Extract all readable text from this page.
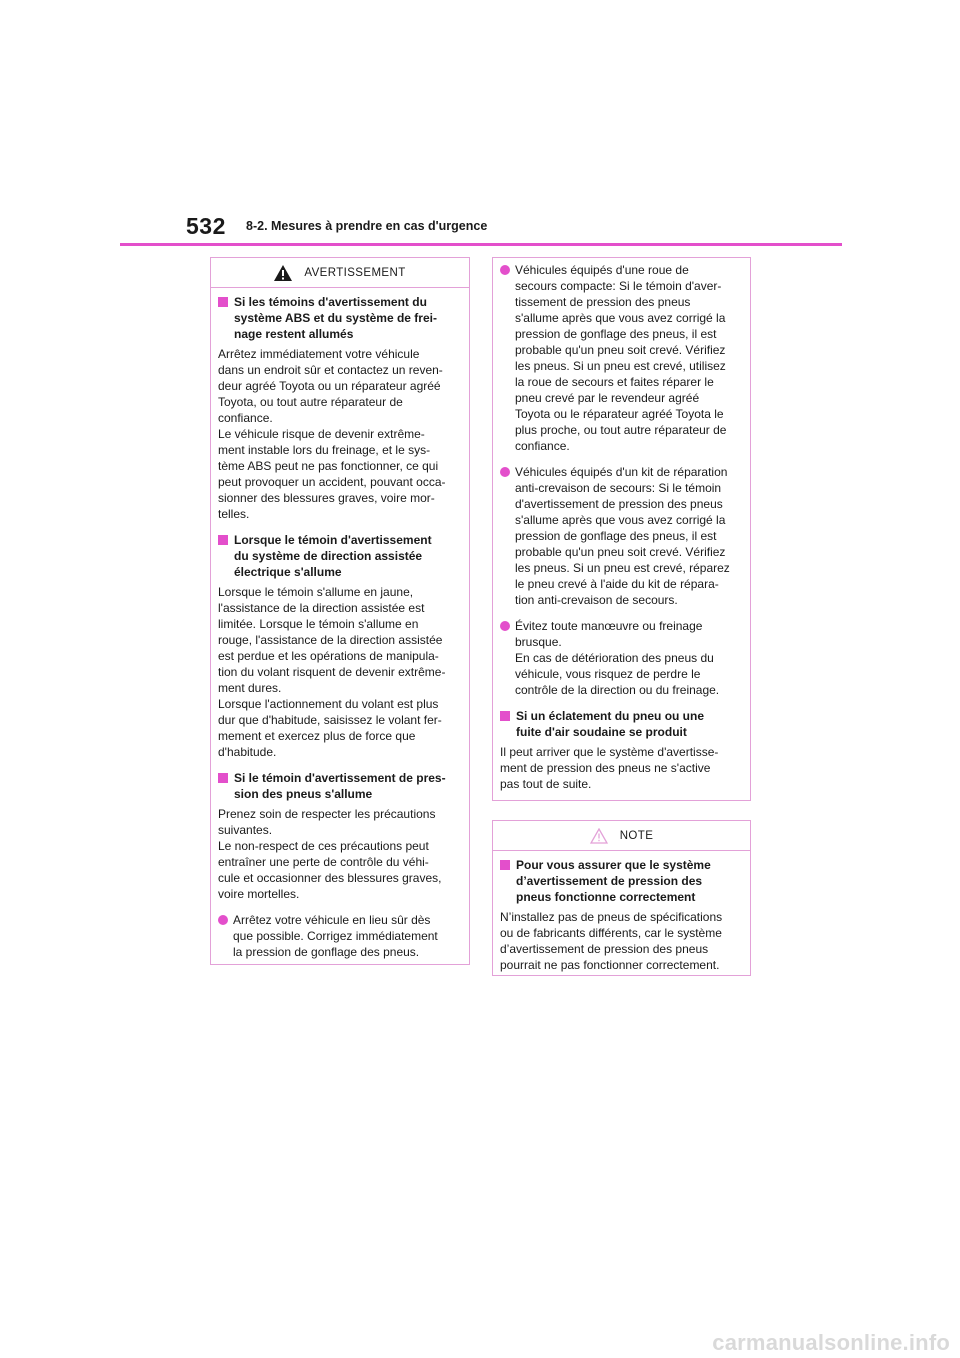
532 8-2. Mesures à prendre en cas d'urgence
AVERTISSEMENT
Si les témoins d'avertissement du
système ABS et du système de frei-
nage restent allumés
Arrêtez immédiatement votre véhicule
dans un endroit sûr et contactez un reven-
deur agréé Toyota ou un réparateur agréé
Toyota, ou tout autre réparateur de
confiance.
Le véhicule risque de devenir extrême-
ment instable lors du freinage, et le sys-
tème ABS peut ne pas fonctionner, ce qui
peut provoquer un accident, pouvant occa-
sionner des blessures graves, voire mor-
telles.
Lorsque le témoin d'avertissement
du système de direction assistée
électrique s'allume
Lorsque le témoin s'allume en jaune,
l'assistance de la direction assistée est
limitée. Lorsque le témoin s'allume en
rouge, l'assistance de la direction assistée
est perdue et les opérations de manipula-
tion du volant risquent de devenir extrême-
ment dures.
Lorsque l'actionnement du volant est plus
dur que d'habitude, saisissez le volant fer-
mement et exercez plus de force que
d'habitude.
Si le témoin d'avertissement de pres-
sion des pneus s'allume
Prenez soin de respecter les précautions
suivantes.
Le non-respect de ces précautions peut
entraîner une perte de contrôle du véhi-
cule et occasionner des blessures graves,
voire mortelles.
Arrêtez votre véhicule en lieu sûr dès
que possible. Corrigez immédiatement
la pression de gonflage des pneus.
Véhicules équipés d'une roue de
secours compacte: Si le témoin d'aver-
tissement de pression des pneus
s'allume après que vous avez corrigé la
pression de gonflage des pneus, il est
probable qu'un pneu soit crevé. Vérifiez
les pneus. Si un pneu est crevé, utilisez
la roue de secours et faites réparer le
pneu crevé par le revendeur agréé
Toyota ou le réparateur agréé Toyota le
plus proche, ou tout autre réparateur de
confiance.
Véhicules équipés d'un kit de réparation
anti-crevaison de secours: Si le témoin
d'avertissement de pression des pneus
s'allume après que vous avez corrigé la
pression de gonflage des pneus, il est
probable qu'un pneu soit crevé. Vérifiez
les pneus. Si un pneu est crevé, réparez
le pneu crevé à l'aide du kit de répara-
tion anti-crevaison de secours.
Évitez toute manœuvre ou freinage
brusque.
En cas de détérioration des pneus du
véhicule, vous risquez de perdre le
contrôle de la direction ou du freinage.
Si un éclatement du pneu ou une
fuite d'air soudaine se produit
Il peut arriver que le système d'avertisse-
ment de pression des pneus ne s'active
pas tout de suite.
NOTE
Pour vous assurer que le système
d’avertissement de pression des
pneus fonctionne correctement
N’installez pas de pneus de spécifications
ou de fabricants différents, car le système
d’avertissement de pression des pneus
pourrait ne pas fonctionner correctement.
carmanualsonline.info
